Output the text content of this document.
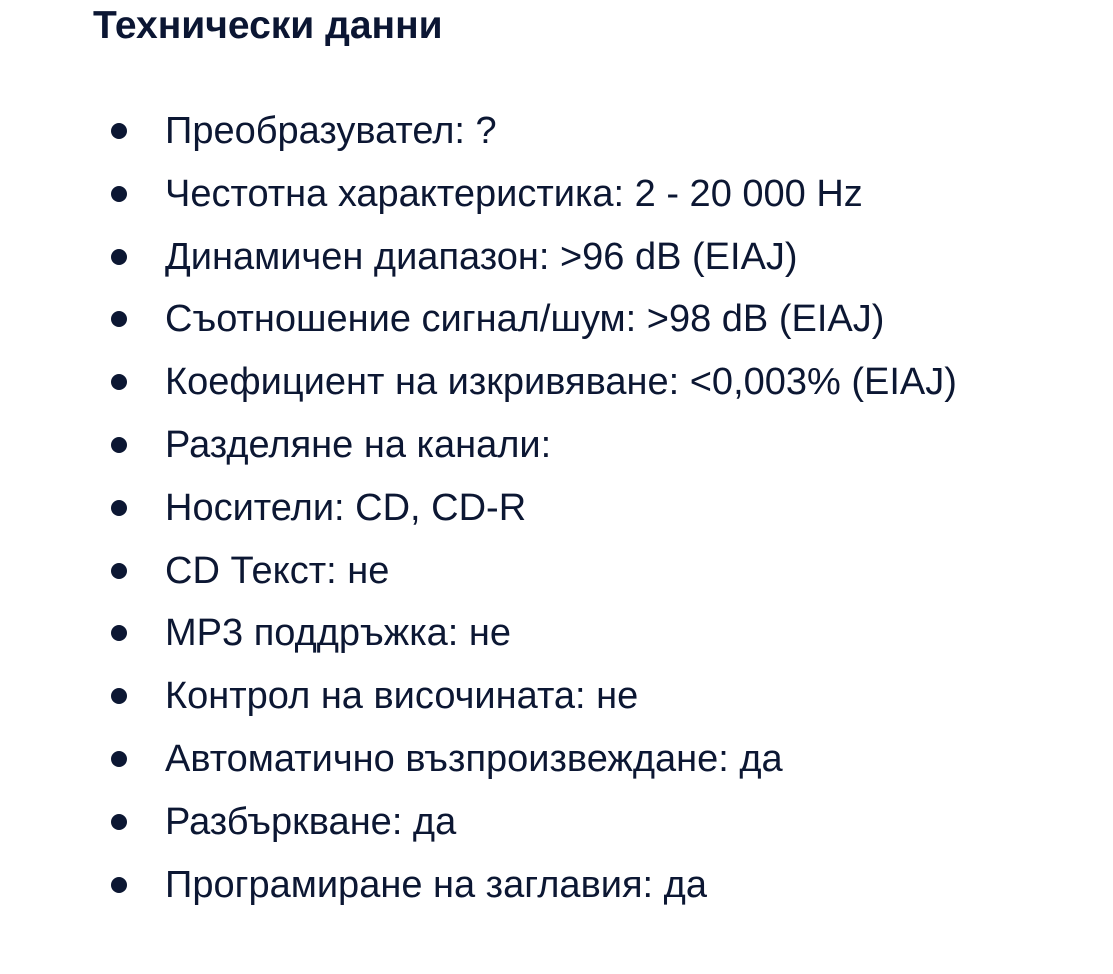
Технически данни
Преобразувател: ?
Честотна характеристика: 2 - 20 000 Hz
Динамичен диапазон: >96 dB (EIAJ)
Съотношение сигнал/шум: >98 dB (EIAJ)
Коефициент на изкривяване: <0,003% (EIAJ)
Разделяне на канали:
Носители: CD, CD-R
CD Текст: не
MP3 поддръжка: не
Контрол на височината: не
Автоматично възпроизвеждане: да
Разбъркване: да
Програмиране на заглавия: да
